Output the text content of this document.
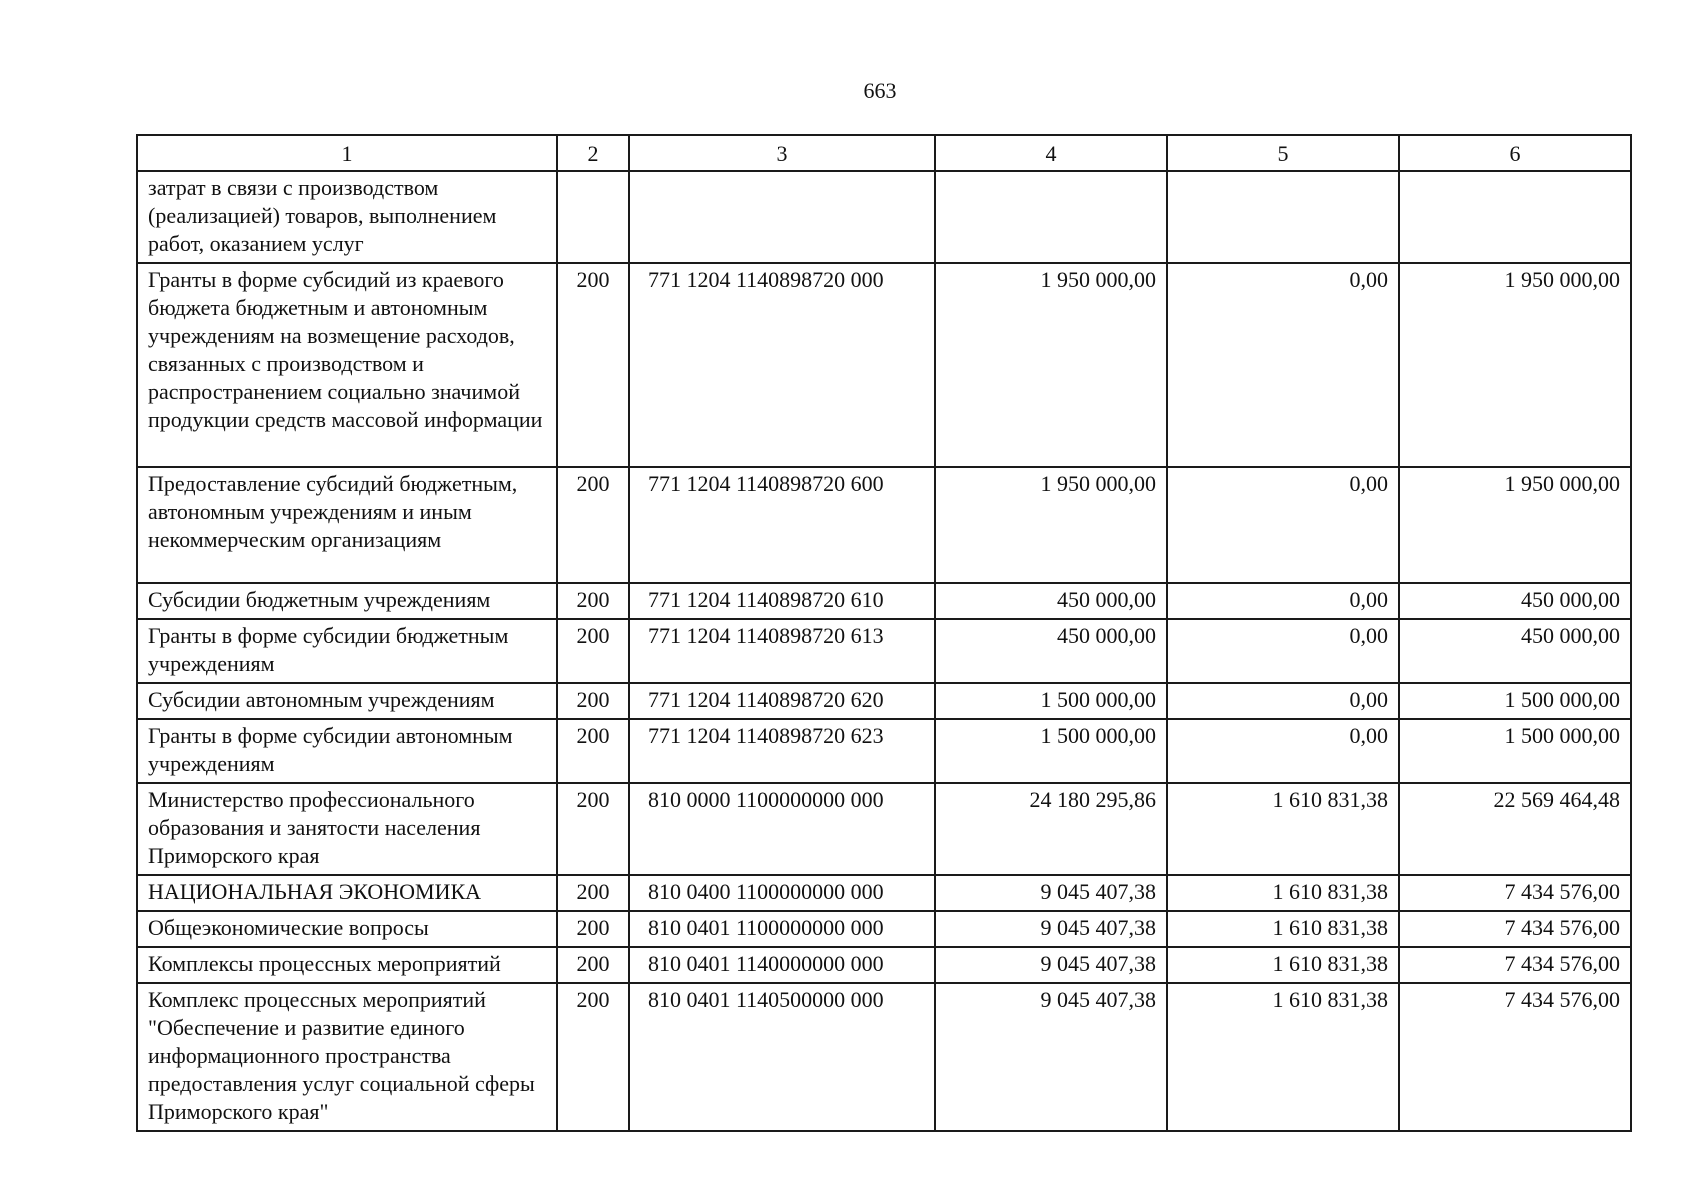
663
1	2	3	4	5	6
затрат в связи с производством (реализацией) товаров, выполнением работ, оказанием услуг					
Гранты в форме субсидий из краевого бюджета бюджетным и автономным учреждениям на возмещение расходов, связанных с производством и распространением социально значимой продукции средств массовой информации	200	771 1204 1140898720 000	1 950 000,00	0,00	1 950 000,00
Предоставление субсидий бюджетным, автономным учреждениям и иным некоммерческим организациям	200	771 1204 1140898720 600	1 950 000,00	0,00	1 950 000,00
Субсидии бюджетным учреждениям	200	771 1204 1140898720 610	450 000,00	0,00	450 000,00
Гранты в форме субсидии бюджетным учреждениям	200	771 1204 1140898720 613	450 000,00	0,00	450 000,00
Субсидии автономным учреждениям	200	771 1204 1140898720 620	1 500 000,00	0,00	1 500 000,00
Гранты в форме субсидии автономным учреждениям	200	771 1204 1140898720 623	1 500 000,00	0,00	1 500 000,00
Министерство профессионального образования и занятости населения Приморского края	200	810 0000 1100000000 000	24 180 295,86	1 610 831,38	22 569 464,48
НАЦИОНАЛЬНАЯ ЭКОНОМИКА	200	810 0400 1100000000 000	9 045 407,38	1 610 831,38	7 434 576,00
Общеэкономические вопросы	200	810 0401 1100000000 000	9 045 407,38	1 610 831,38	7 434 576,00
Комплексы процессных мероприятий	200	810 0401 1140000000 000	9 045 407,38	1 610 831,38	7 434 576,00
Комплекс процессных мероприятий "Обеспечение и развитие единого информационного пространства предоставления услуг социальной сферы Приморского края"	200	810 0401 1140500000 000	9 045 407,38	1 610 831,38	7 434 576,00
